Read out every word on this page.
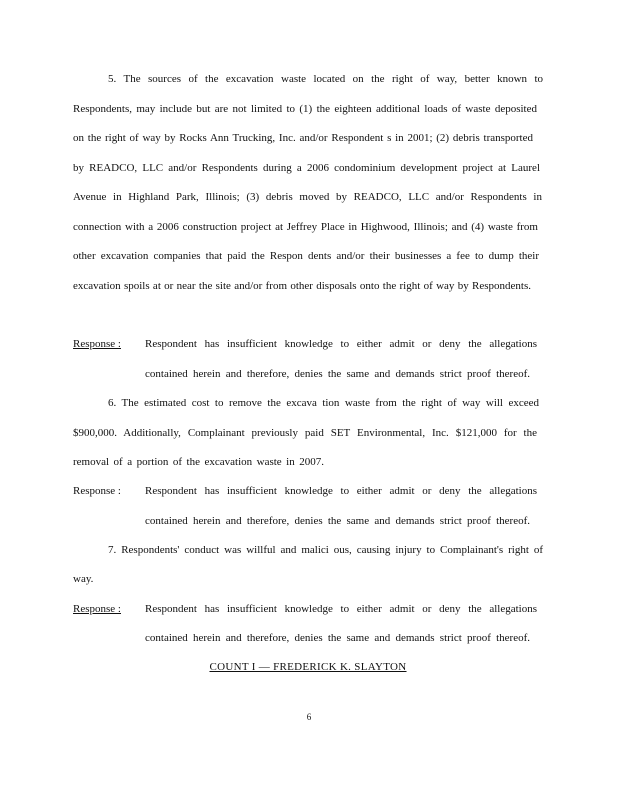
5. The sources of the excavation waste located on the right of way, better known to
Respondents, may include but are not limited to (1) the eighteen additional loads of waste deposited
on the right of way by Rocks Ann Trucking, Inc. and/or Respondent s in 2001; (2) debris transported
by READCO, LLC and/or Respondents during a 2006 condominium development project at Laurel
Avenue in Highland Park, Illinois; (3) debris moved by READCO, LLC and/or Respondents in
connection with a 2006 construction project at Jeffrey Place in Highwood, Illinois; and (4) waste from
other excavation companies that paid the Respon dents and/or their businesses a fee to dump their
excavation spoils at or near the site and/or from other disposals onto the right of way by Respondents.
Response : Respondent has insufficient knowledge to either admit or deny the allegations
contained herein and therefore, denies the same and demands strict proof thereof.
6. The estimated cost to remove the excava tion waste from the right of way will exceed
$900,000. Additionally, Complainant previously paid SET Environmental, Inc. $121,000 for the
removal of a portion of the excavation waste in 2007.
Response : Respondent has insufficient knowledge to either admit or deny the allegations
contained herein and therefore, denies the same and demands strict proof thereof.
7. Respondents' conduct was willful and malici ous, causing injury to Complainant's right of
way.
Response : Respondent has insufficient knowledge to either admit or deny the allegations
contained herein and therefore, denies the same and demands strict proof thereof.
COUNT I — FREDERICK K. SLAYTON
6
